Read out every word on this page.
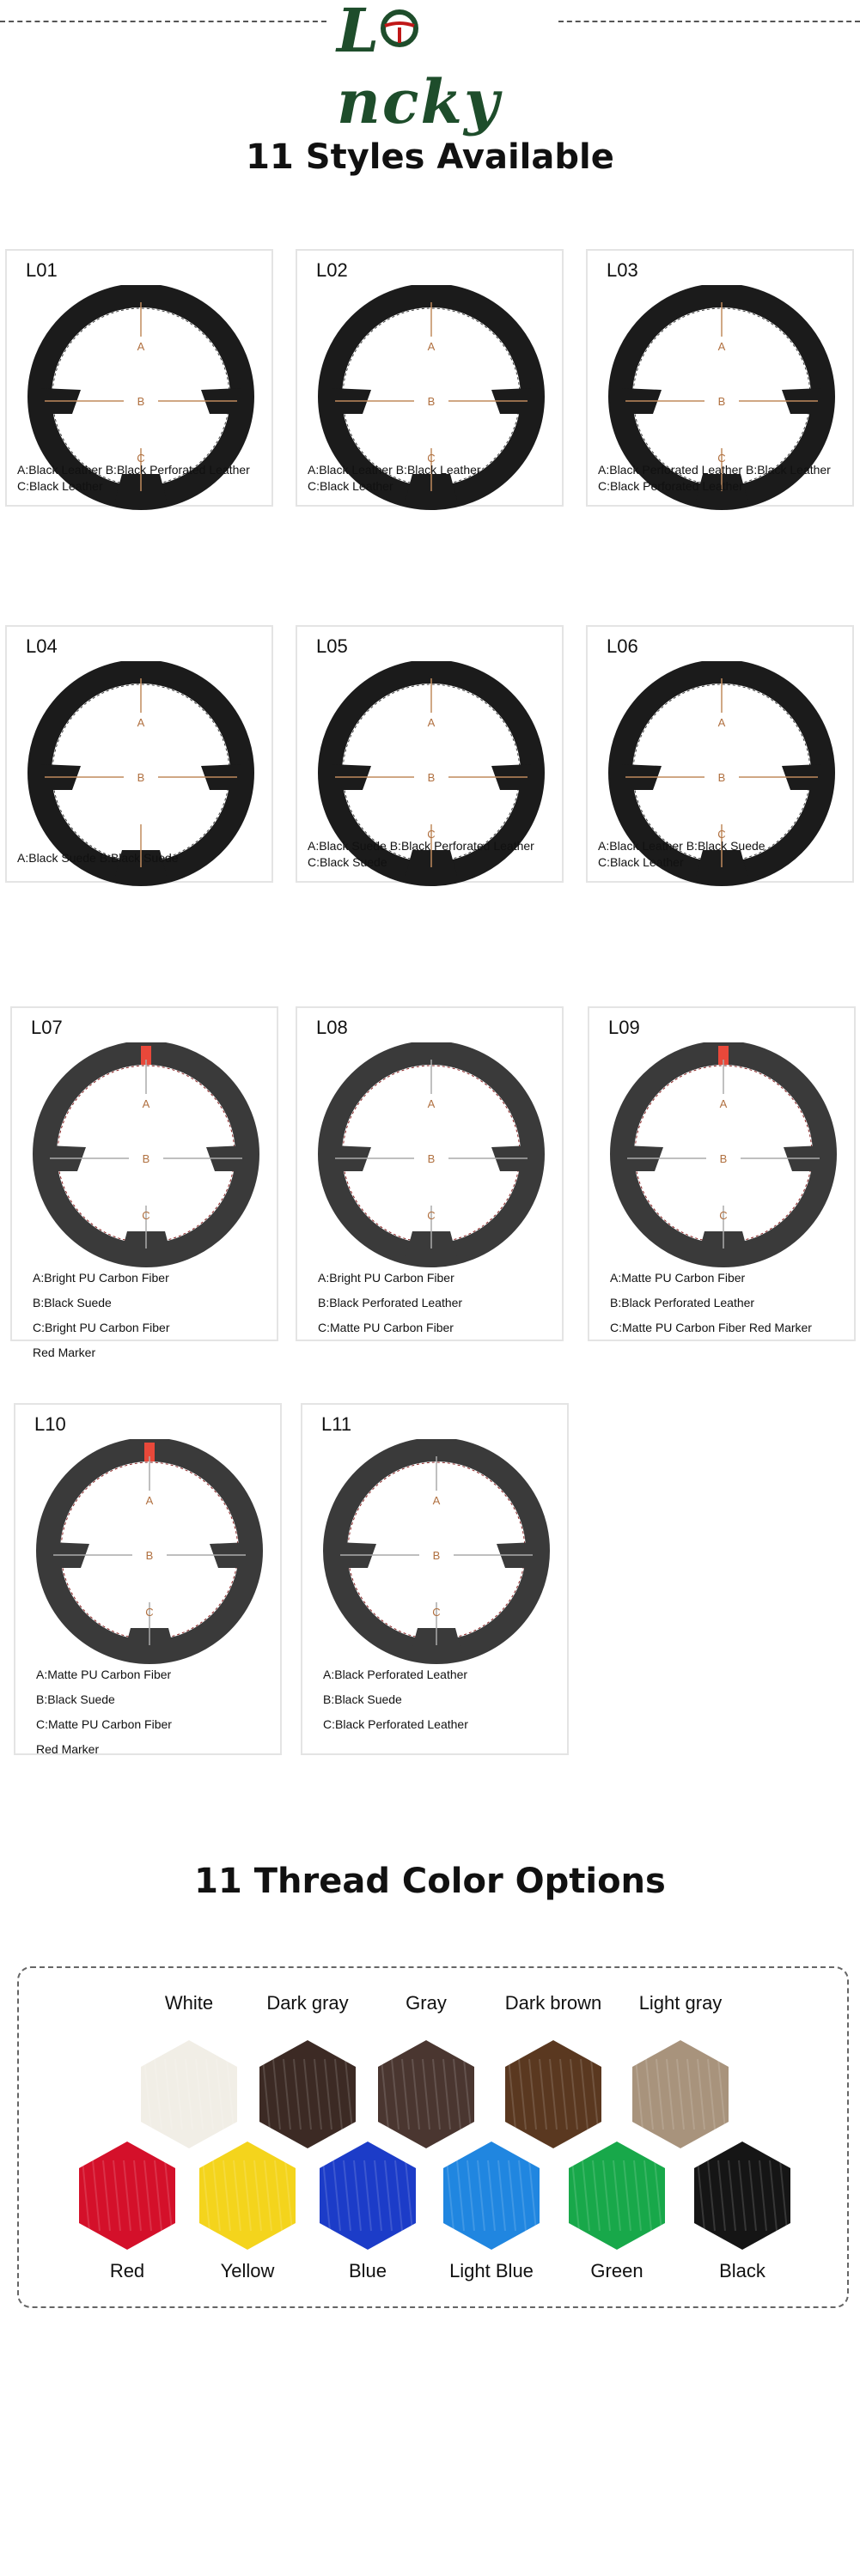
Lncky
11 Styles Available
L01
A
B
C
A:Black Leather B:Black Perforated Leather
C:Black Leather
L02
A
B
C
A:Black Leather B:Black Leather
C:Black Leather
L03
A
B
C
A:Black Perforated Leather B:Black Leather
C:Black Perforated Leather
L04
A
B
A:Black Suede B:Black Suede
L05
A
B
C
A:Black Suede B:Black Perforated Leather
C:Black Suede
L06
A
B
C
A:Black Leather B:Black Suede
C:Black Leather
L07
A
B
C
A:Bright PU Carbon Fiber
B:Black Suede
C:Bright PU Carbon Fiber
Red Marker
L08
A
B
C
A:Bright PU Carbon Fiber
B:Black Perforated Leather
C:Matte PU Carbon Fiber
L09
A
B
C
A:Matte PU Carbon Fiber
B:Black Perforated Leather
C:Matte PU Carbon Fiber Red Marker
L10
A
B
C
A:Matte PU Carbon Fiber
B:Black Suede
C:Matte PU Carbon Fiber
Red Marker
L11
A
B
C
A:Black Perforated Leather
B:Black Suede
C:Black Perforated Leather
11 Thread Color Options
White	Dark gray	Gray	Dark brown	Light gray
Red	Yellow	Blue	Light Blue	Green	Black
